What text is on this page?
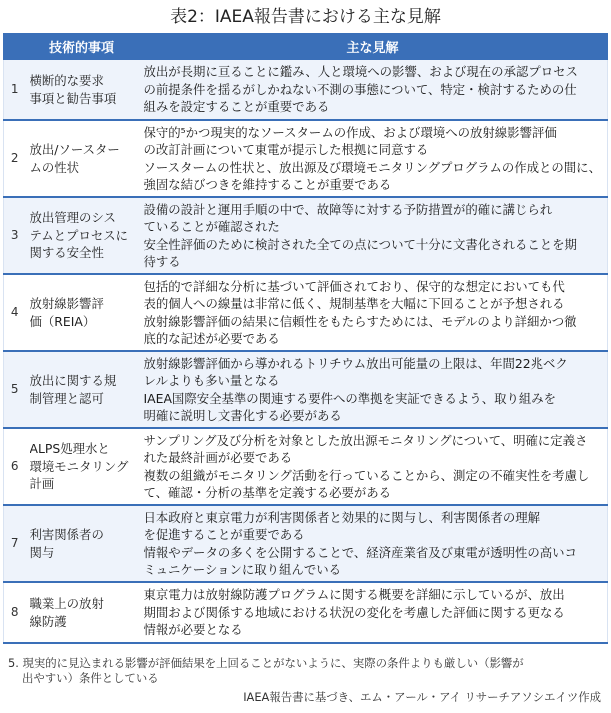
表2：IAEA報告書における主な見解
	技術的事項	主な見解
1	横断的な要求
事項と勧告事項	放出が長期に亘ることに鑑み、人と環境への影響、および現在の承認プロセス
の前提条件を揺るがしかねない不測の事態について、特定・検討するための仕
組みを設定することが重要である

2	放出/ソースター
ムの性状	保守的⁵かつ現実的なソースタームの作成、および環境への放射線影響評価
の改訂計画について東電が提示した根拠に同意する
ソースタームの性状と、放出源及び環境モニタリングプログラムの作成との間に、
強固な結びつきを維持することが重要である

3	放出管理のシス
テムとプロセスに
関する安全性	設備の設計と運用手順の中で、故障等に対する予防措置が的確に講じられ
ていることが確認された
安全性評価のために検討された全ての点について十分に文書化されることを期
待する

4	放射線影響評
価（REIA）	包括的で詳細な分析に基づいて評価されており、保守的な想定においても代
表的個人への線量は非常に低く、規制基準を大幅に下回ることが予想される
放射線影響評価の結果に信頼性をもたらすためには、モデルのより詳細かつ徹
底的な記述が必要である

5	放出に関する規
制管理と認可	放射線影響評価から導かれるトリチウム放出可能量の上限は、年間22兆ベク
レルよりも多い量となる
IAEA国際安全基準の関連する要件への準拠を実証できるよう、取り組みを
明確に説明し文書化する必要がある

6	ALPS処理水と
環境モニタリング
計画	サンプリング及び分析を対象とした放出源モニタリングについて、明確に定義さ
れた最終計画が必要である
複数の組織がモニタリング活動を行っていることから、測定の不確実性を考慮し
て、確認・分析の基準を定義する必要がある

7	利害関係者の
関与	日本政府と東京電力が利害関係者と効果的に関与し、利害関係者の理解
を促進することが重要である
情報やデータの多くを公開することで、経済産業省及び東電が透明性の高いコ
ミュニケーションに取り組んでいる

8	職業上の放射
線防護	東京電力は放射線防護プログラムに関する概要を詳細に示しているが、放出
期間および関係する地域における状況の変化を考慮した評価に関する更なる
情報が必要となる
5. 現実的に見込まれる影響が評価結果を上回ることがないように、実際の条件よりも厳しい（影響が
出やすい）条件としている
IAEA報告書に基づき、エム・アール・アイ リサーチアソシエイツ作成
